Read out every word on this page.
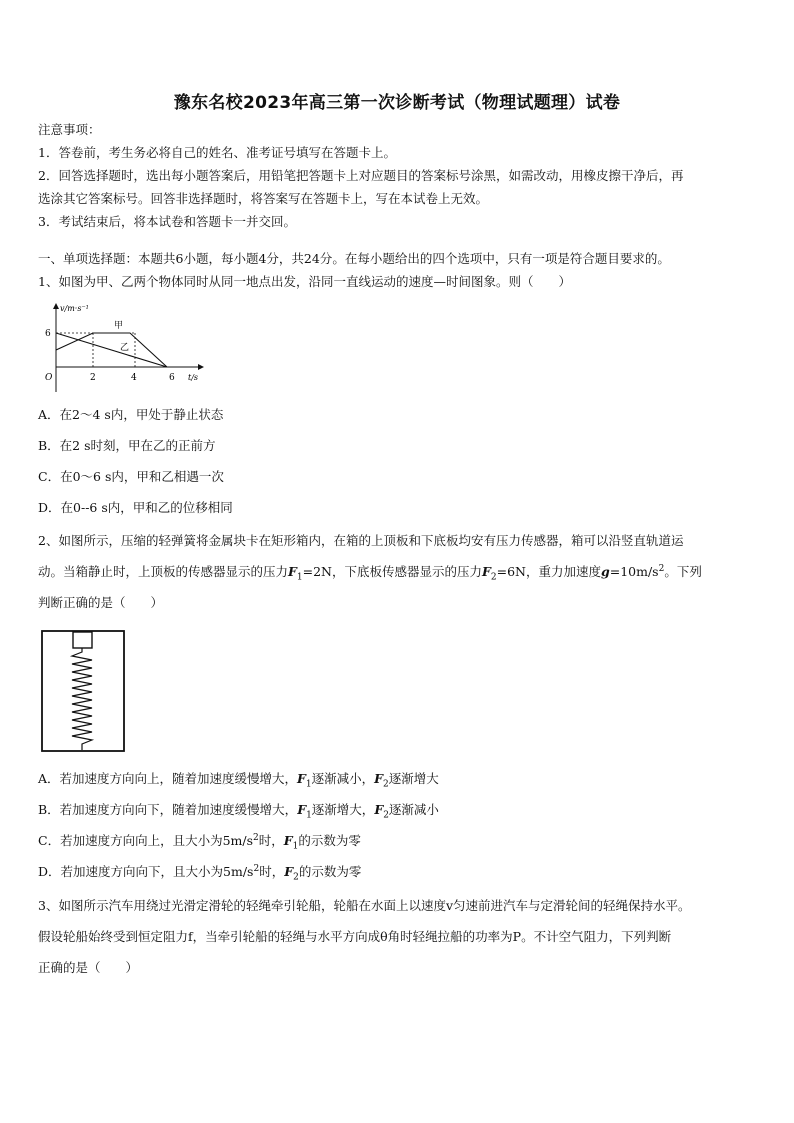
豫东名校2023年高三第一次诊断考试（物理试题理）试卷
注意事项：
1．答卷前，考生务必将自己的姓名、准考证号填写在答题卡上。
2．回答选择题时，选出每小题答案后，用铅笔把答题卡上对应题目的答案标号涂黑，如需改动，用橡皮擦干净后，再
选涂其它答案标号。回答非选择题时，将答案写在答题卡上，写在本试卷上无效。
3．考试结束后，将本试卷和答题卡一并交回。
一、单项选择题：本题共6小题，每小题4分，共24分。在每小题给出的四个选项中，只有一项是符合题目要求的。
1、如图为甲、乙两个物体同时从同一地点出发，沿同一直线运动的速度—时间图象。则（　　）
v/m·s⁻¹
t/s
O
6
2	4	6
甲
乙
A．在2～4 s内，甲处于静止状态
B．在2 s时刻，甲在乙的正前方
C．在0～6 s内，甲和乙相遇一次
D．在0--6 s内，甲和乙的位移相同
2、如图所示，压缩的轻弹簧将金属块卡在矩形箱内，在箱的上顶板和下底板均安有压力传感器，箱可以沿竖直轨道运
动。当箱静止时，上顶板的传感器显示的压力$F_1=2N$，下底板传感器显示的压力$F_2=6N$，重力加速度$g=10m/s^2$。下列
判断正确的是（　　）
A．若加速度方向向上，随着加速度缓慢增大，$F_1$逐渐减小，$F_2$逐渐增大
B．若加速度方向向下，随着加速度缓慢增大，$F_1$逐渐增大，$F_2$逐渐减小
C．若加速度方向向上，且大小为$5m/s^2$时，$F_1$的示数为零
D．若加速度方向向下，且大小为$5m/s^2$时，$F_2$的示数为零
3、如图所示汽车用绕过光滑定滑轮的轻绳牵引轮船，轮船在水面上以速度v匀速前进汽车与定滑轮间的轻绳保持水平。
假设轮船始终受到恒定阻力f，当牵引轮船的轻绳与水平方向成θ角时轻绳拉船的功率为P。不计空气阻力，下列判断
正确的是（　　）
